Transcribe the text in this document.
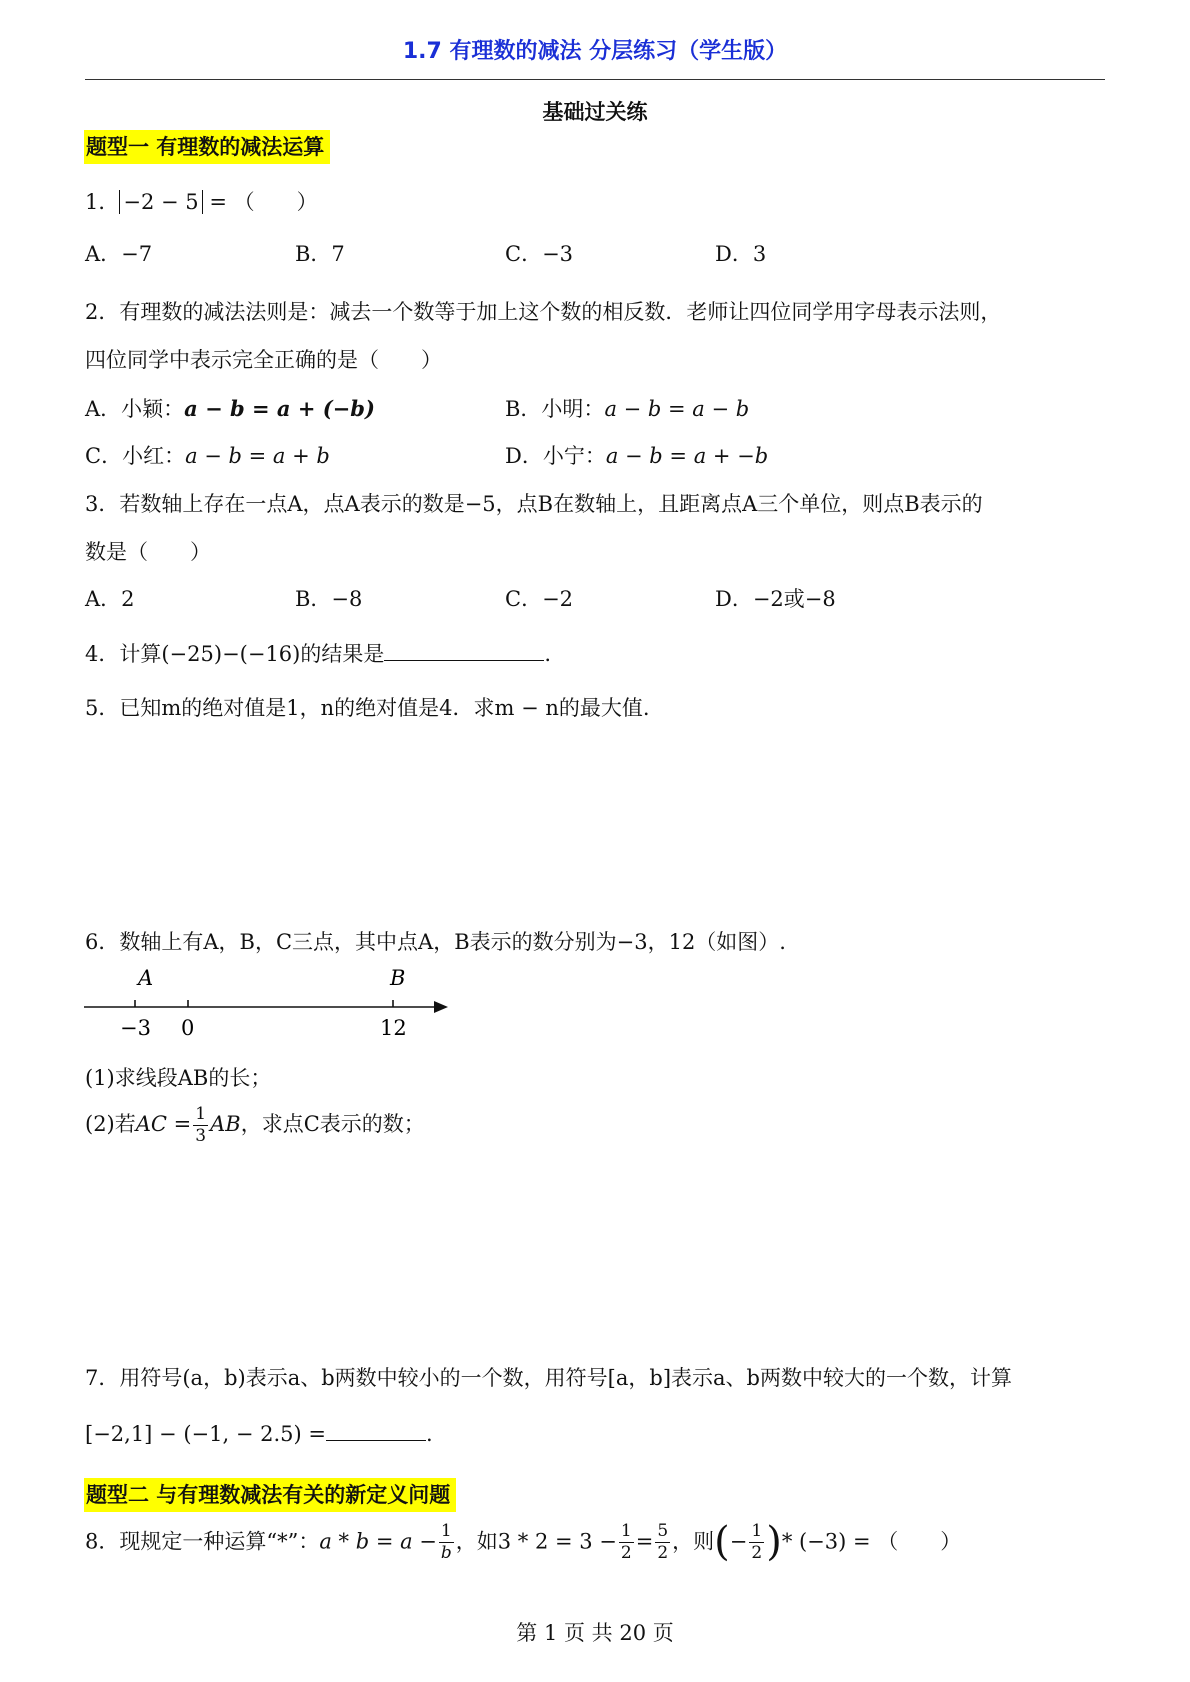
1.7 有理数的减法 分层练习（学生版）
基础过关练
题型一 有理数的减法运算
1． −2 − 5 = （　　）
A．−7	B．7	C．−3	D．3
2．有理数的减法法则是：减去一个数等于加上这个数的相反数．老师让四位同学用字母表示法则，
四位同学中表示完全正确的是（　　）
A．小颖：a − b = a + (−b)	B．小明：a − b = a − b
C．小红：a − b = a + b	D．小宁：a − b = a + −b
3．若数轴上存在一点A，点A表示的数是−5，点B在数轴上，且距离点A三个单位，则点B表示的
数是（　　）
A．2	B．−8	C．−2	D．−2或−8
4．计算(−25)−(−16)的结果是	.
5．已知m的绝对值是1，n的绝对值是4．求m − n的最大值.
6．数轴上有A，B，C三点，其中点A，B表示的数分别为−3，12（如图）.
A	B
−3 0	12
(1)求线段AB的长；
(2)若AC = $\frac{1}{3}$ AB，求点C表示的数；
7．用符号(a，b)表示a、b两数中较小的一个数，用符号[a，b]表示a、b两数中较大的一个数，计算
[−2,1] − (−1, − 2.5) =	.
题型二 与有理数减法有关的新定义问题
8．现规定一种运算“*”：$a * b = a - \frac{1}{b}$ ，如$3 * 2 = 3 - \frac{1}{2} = \frac{5}{2}$ ，则(− $\frac{1}{2}$ )* (−3) = （　　）
第 1 页 共 20 页
